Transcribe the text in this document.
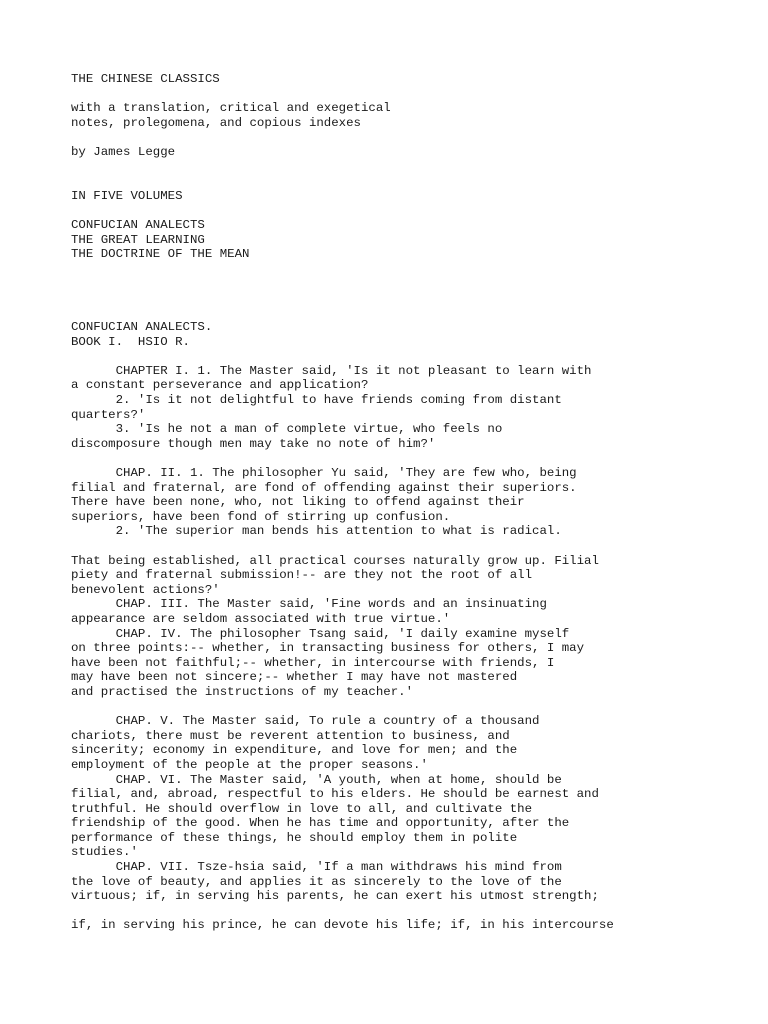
THE CHINESE CLASSICS
with a translation, critical and exegetical
notes, prolegomena, and copious indexes
by James Legge
IN FIVE VOLUMES
CONFUCIAN ANALECTS
THE GREAT LEARNING
THE DOCTRINE OF THE MEAN
CONFUCIAN ANALECTS.
BOOK I.  HSIO R.
CHAPTER I. 1. The Master said, 'Is it not pleasant to learn with
a constant perseverance and application?
2. 'Is it not delightful to have friends coming from distant
quarters?'
3. 'Is he not a man of complete virtue, who feels no
discomposure though men may take no note of him?'
CHAP. II. 1. The philosopher Yu said, 'They are few who, being
filial and fraternal, are fond of offending against their superiors.
There have been none, who, not liking to offend against their
superiors, have been fond of stirring up confusion.
2. 'The superior man bends his attention to what is radical.
That being established, all practical courses naturally grow up. Filial
piety and fraternal submission!-- are they not the root of all
benevolent actions?'
CHAP. III. The Master said, 'Fine words and an insinuating
appearance are seldom associated with true virtue.'
CHAP. IV. The philosopher Tsang said, 'I daily examine myself
on three points:-- whether, in transacting business for others, I may
have been not faithful;-- whether, in intercourse with friends, I
may have been not sincere;-- whether I may have not mastered
and practised the instructions of my teacher.'
CHAP. V. The Master said, To rule a country of a thousand
chariots, there must be reverent attention to business, and
sincerity; economy in expenditure, and love for men; and the
employment of the people at the proper seasons.'
CHAP. VI. The Master said, 'A youth, when at home, should be
filial, and, abroad, respectful to his elders. He should be earnest and
truthful. He should overflow in love to all, and cultivate the
friendship of the good. When he has time and opportunity, after the
performance of these things, he should employ them in polite
studies.'
CHAP. VII. Tsze-hsia said, 'If a man withdraws his mind from
the love of beauty, and applies it as sincerely to the love of the
virtuous; if, in serving his parents, he can exert his utmost strength;
if, in serving his prince, he can devote his life; if, in his intercourse
